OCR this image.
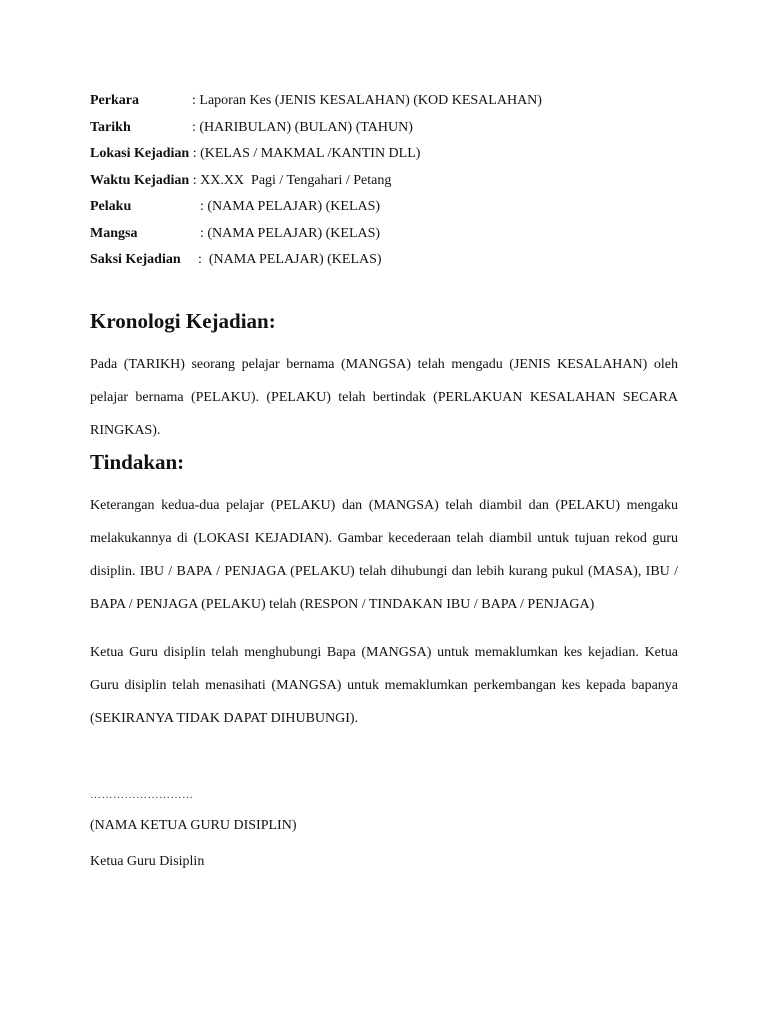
Perkara	: Laporan Kes (JENIS KESALAHAN) (KOD KESALAHAN)
Tarikh	: (HARIBULAN) (BULAN) (TAHUN)
Lokasi Kejadian : (KELAS / MAKMAL /KANTIN DLL)
Waktu Kejadian : XX.XX  Pagi / Tengahari / Petang
Pelaku	: (NAMA PELAJAR) (KELAS)
Mangsa	: (NAMA PELAJAR) (KELAS)
Saksi Kejadian :  (NAMA PELAJAR) (KELAS)
Kronologi Kejadian:

Pada (TARIKH) seorang pelajar bernama (MANGSA) telah mengadu (JENIS KESALAHAN) oleh pelajar bernama (PELAKU). (PELAKU) telah bertindak (PERLAKUAN KESALAHAN SECARA RINGKAS).

Tindakan:

Keterangan kedua-dua pelajar (PELAKU) dan (MANGSA) telah diambil dan (PELAKU) mengaku melakukannya di (LOKASI KEJADIAN). Gambar kecederaan telah diambil untuk tujuan rekod guru disiplin. IBU / BAPA / PENJAGA (PELAKU) telah dihubungi dan lebih kurang pukul (MASA), IBU / BAPA / PENJAGA (PELAKU) telah (RESPON / TINDAKAN IBU / BAPA / PENJAGA)

Ketua Guru disiplin telah menghubungi Bapa (MANGSA) untuk memaklumkan kes kejadian. Ketua Guru disiplin telah menasihati (MANGSA) untuk memaklumkan perkembangan kes kepada bapanya (SEKIRANYA TIDAK DAPAT DIHUBUNGI).

………………………
(NAMA KETUA GURU DISIPLIN)
Ketua Guru Disiplin
